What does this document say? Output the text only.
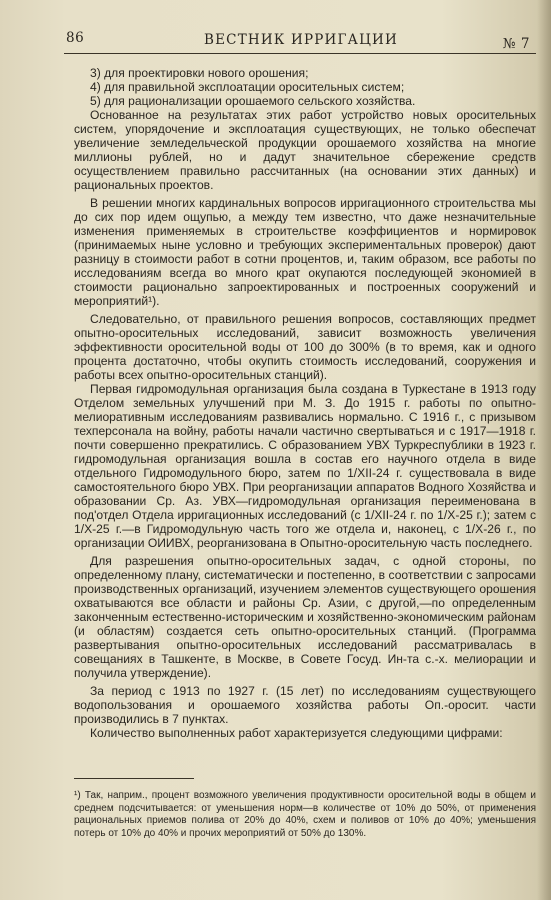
86	ВЕСТНИК ИРРИГАЦИИ	№ 7
3) для проектировки нового орошения;
4) для правильной эксплоатации оросительных систем;
5) для рационализации орошаемого сельского хозяйства.

Основанное на результатах этих работ устройство новых оросительных систем, упорядочение и эксплоатация существующих, не только обеспечат увеличение земледельческой продукции орошаемого хозяйства на многие миллионы рублей, но и дадут значительное сбережение средств осуществлением правильно рассчитанных (на основании этих данных) и рациональных проектов.

В решении многих кардинальных вопросов ирригационного строительства мы до сих пор идем ощупью, а между тем известно, что даже незначительные изменения применяемых в строительстве коэффициентов и нормировок (принимаемых ныне условно и требующих экспериментальных проверок) дают разницу в стоимости работ в сотни процентов, и, таким образом, все работы по исследованиям всегда во много крат окупаются последующей экономией в стоимости рационально запроектированных и построенных сооружений и мероприятий¹).

Следовательно, от правильного решения вопросов, составляющих предмет опытно-оросительных исследований, зависит возможность увеличения эффективности оросительной воды от 100 до 300% (в то время, как и одного процента достаточно, чтобы окупить стоимость исследований, сооружения и работы всех опытно-оросительных станций).

Первая гидромодульная организация была создана в Туркестане в 1913 году Отделом земельных улучшений при М. З. До 1915 г. работы по опытно-мелиоративным исследованиям развивались нормально. С 1916 г., с призывом техперсонала на войну, работы начали частично свертываться и с 1917—1918 г. почти совершенно прекратились. С образованием УВХ Туркреспублики в 1923 г. гидромодульная организация вошла в состав его научного отдела в виде отдельного Гидромодульного бюро, затем по 1/XII-24 г. существовала в виде самостоятельного бюро УВХ. При реорганизации аппаратов Водного Хозяйства и образовании Ср. Аз. УВХ—гидромодульная организация переименована в под'отдел Отдела ирригационных исследований (с 1/XII-24 г. по 1/X-25 г.); затем с 1/X-25 г.—в Гидромодульную часть того же отдела и, наконец, с 1/X-26 г., по организации ОИИВХ, реорганизована в Опытно-оросительную часть последнего.

Для разрешения опытно-оросительных задач, с одной стороны, по определенному плану, систематически и постепенно, в соответствии с запросами производственных организаций, изучением элементов существующего орошения охватываются все области и районы Ср. Азии, с другой,—по определенным законченным естественно-историческим и хозяйственно-экономическим районам (и областям) создается сеть опытно-оросительных станций. (Программа развертывания опытно-оросительных исследований рассматривалась в совещаниях в Ташкенте, в Москве, в Совете Госуд. Ин-та с.-х. мелиорации и получила утверждение).

За период с 1913 по 1927 г. (15 лет) по исследованиям существующего водопользования и орошаемого хозяйства работы Оп.-оросит. части производились в 7 пунктах.

Количество выполненных работ характеризуется следующими цифрами:

¹) Так, наприм., процент возможного увеличения продуктивности оросительной воды в общем и среднем подсчитывается: от уменьшения норм—в количестве от 10% до 50%, от применения рациональных приемов полива от 20% до 40%, схем и поливов от 10% до 40%; уменьшения потерь от 10% до 40% и прочих мероприятий от 50% до 130%.
